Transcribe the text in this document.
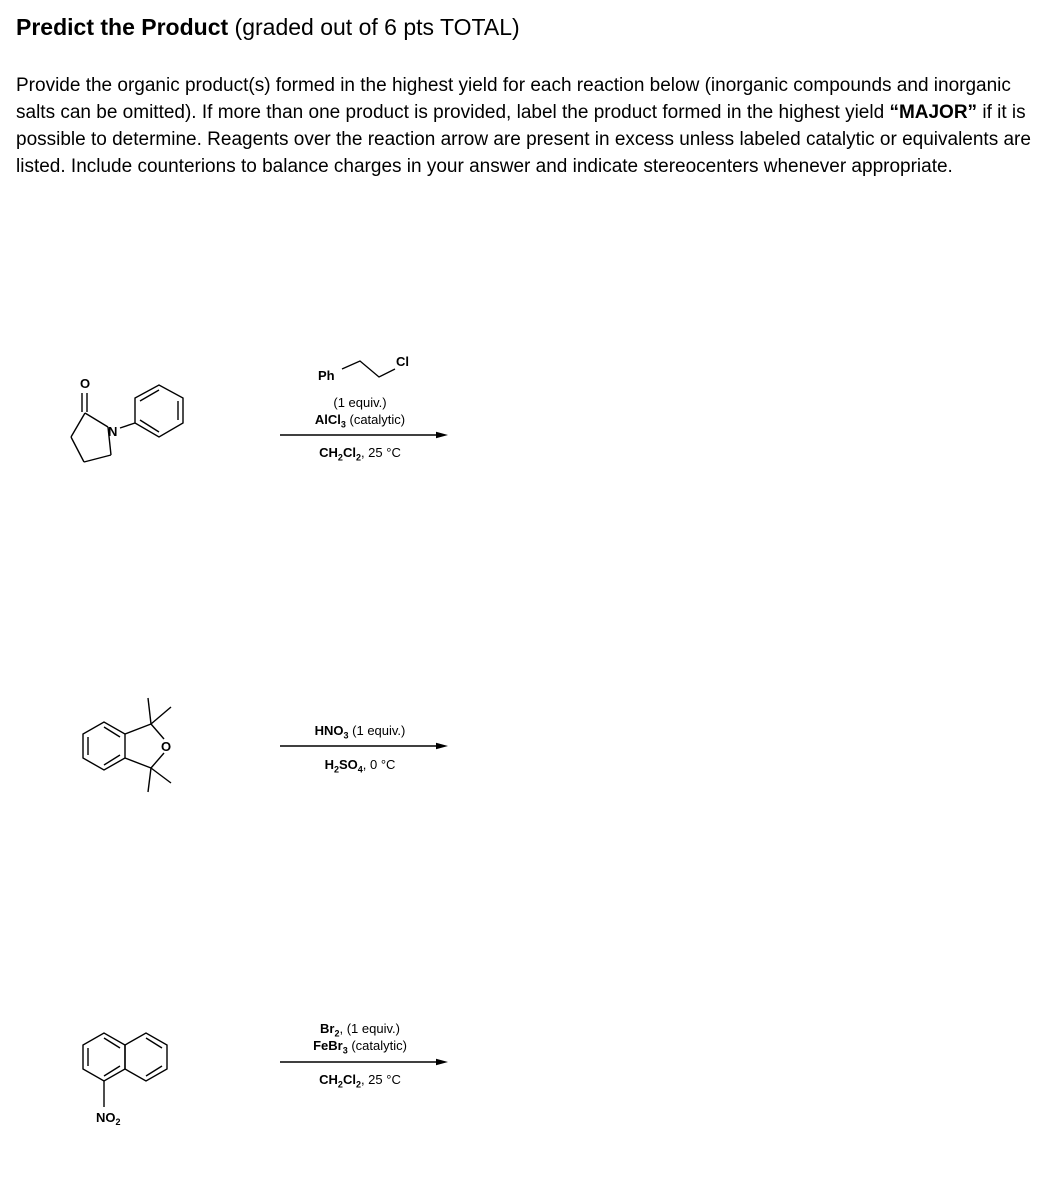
Predict the Product (graded out of 6 pts TOTAL)

Provide the organic product(s) formed in the highest yield for each reaction below (inorganic compounds and inorganic salts can be omitted). If more than one product is provided, label the product formed in the highest yield “MAJOR” if it is possible to determine. Reagents over the reaction arrow are present in excess unless labeled catalytic or equivalents are listed. Include counterions to balance charges in your answer and indicate stereocenters whenever appropriate.

O
N
Ph
Cl
(1 equiv.)
AlCl$_3$ (catalytic)
$CH_2Cl_2$, 25 °C
O
$HNO_3$ (1 equiv.)
$H_2SO_4$, 0 °C
$NO_2$
$Br_2$, (1 equiv.)
FeBr$_3$ (catalytic)
$CH_2Cl_2$, 25 °C
